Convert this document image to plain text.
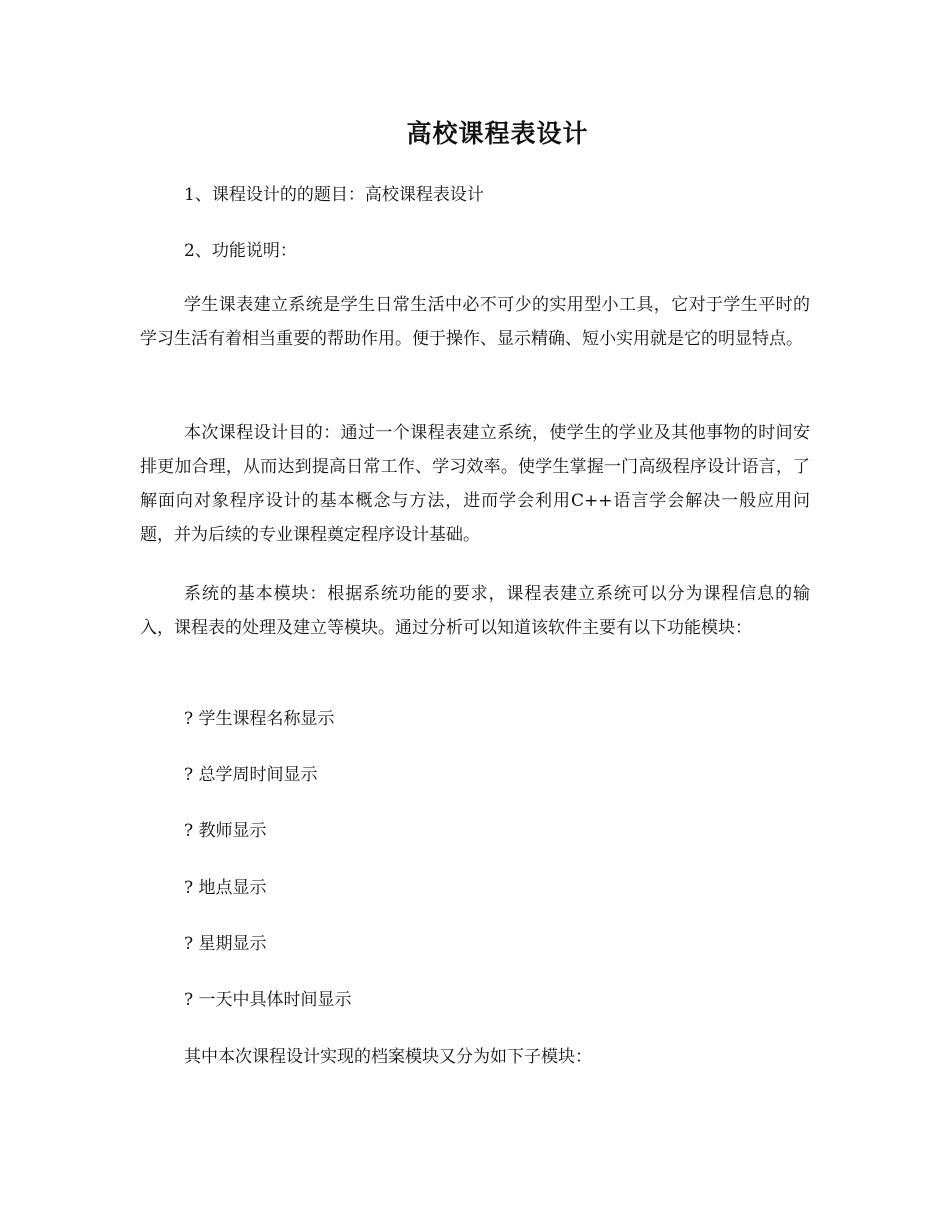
高校课程表设计
1、课程设计的的题目：高校课程表设计
2、功能说明：
学生课表建立系统是学生日常生活中必不可少的实用型小工具，它对于学生平时的学习生活有着相当重要的帮助作用。便于操作、显示精确、短小实用就是它的明显特点。
本次课程设计目的：通过一个课程表建立系统，使学生的学业及其他事物的时间安排更加合理，从而达到提高日常工作、学习效率。使学生掌握一门高级程序设计语言，了解面向对象程序设计的基本概念与方法，进而学会利用C++语言学会解决一般应用问题，并为后续的专业课程奠定程序设计基础。
系统的基本模块：根据系统功能的要求，课程表建立系统可以分为课程信息的输入，课程表的处理及建立等模块。通过分析可以知道该软件主要有以下功能模块：
? 学生课程名称显示
? 总学周时间显示
? 教师显示
? 地点显示
? 星期显示
? 一天中具体时间显示
其中本次课程设计实现的档案模块又分为如下子模块：
